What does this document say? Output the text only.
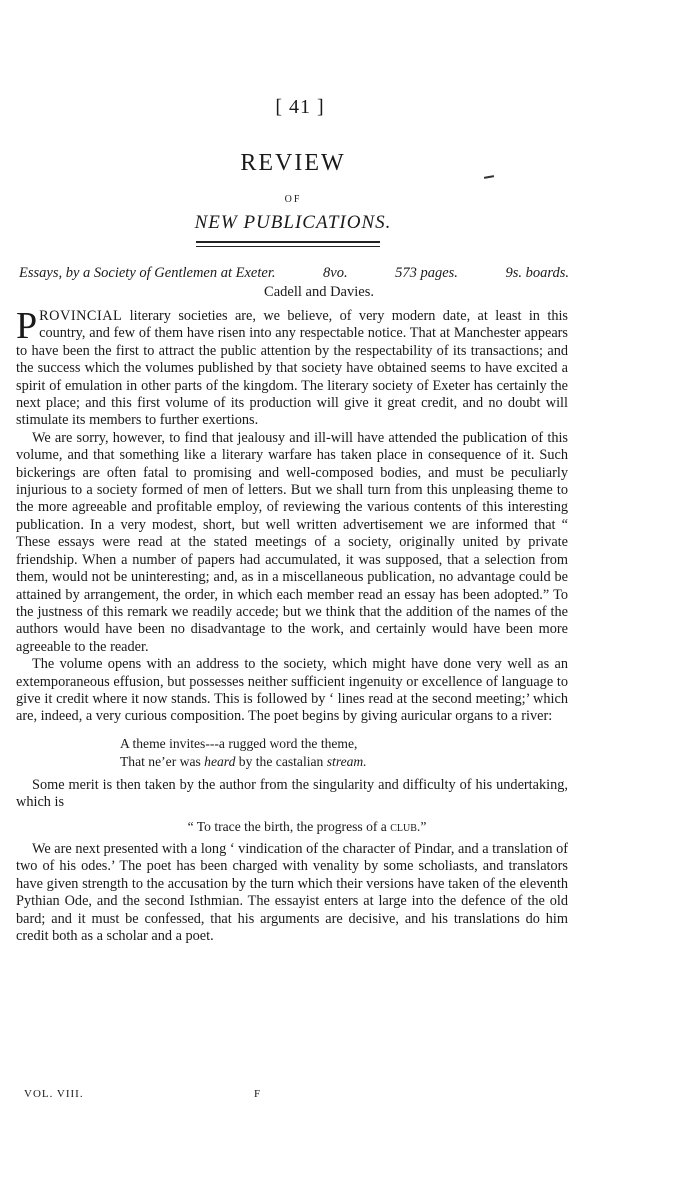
[ 41 ]
REVIEW
OF
NEW PUBLICATIONS.
Essays, by a Society of Gentlemen at Exeter.	8vo.	573 pages.	9s. boards.
Cadell and Davies.

PROVINCIAL literary societies are, we believe, of very modern date, at least in this country, and few of them have risen into any respectable notice. That at Manchester appears to have been the first to attract the public attention by the respectability of its transactions; and the success which the volumes published by that society have obtained seems to have excited a spirit of emulation in other parts of the kingdom. The literary society of Exeter has certainly the next place; and this first volume of its production will give it great credit, and no doubt will stimulate its members to further exertions.

We are sorry, however, to find that jealousy and ill-will have attended the publication of this volume, and that something like a literary warfare has taken place in consequence of it. Such bickerings are often fatal to promising and well-composed bodies, and must be peculiarly injurious to a society formed of men of letters. But we shall turn from this unpleasing theme to the more agreeable and profitable employ, of reviewing the various contents of this interesting publication. In a very modest, short, but well written advertisement we are informed that “ These essays were read at the stated meetings of a society, originally united by private friendship. When a number of papers had accumulated, it was supposed, that a selection from them, would not be uninteresting; and, as in a miscellaneous publication, no advantage could be attained by arrangement, the order, in which each member read an essay has been adopted.” To the justness of this remark we readily accede; but we think that the addition of the names of the authors would have been no disadvantage to the work, and certainly would have been more agreeable to the reader.

The volume opens with an address to the society, which might have done very well as an extemporaneous effusion, but possesses neither sufficient ingenuity or excellence of language to give it credit where it now stands. This is followed by ‘ lines read at the second meeting;’ which are, indeed, a very curious composition. The poet begins by giving auricular organs to a river:

A theme invites---a rugged word the theme,
That ne’er was heard by the castalian stream.

Some merit is then taken by the author from the singularity and difficulty of his undertaking, which is

“ To trace the birth, the progress of a club.”

We are next presented with a long ‘ vindication of the character of Pindar, and a translation of two of his odes.’ The poet has been charged with venality by some scholiasts, and translators have given strength to the accusation by the turn which their versions have taken of the eleventh Pythian Ode, and the second Isthmian. The essayist enters at large into the defence of the old bard; and it must be confessed, that his arguments are decisive, and his translations do him credit both as a scholar and a poet.

VOL. VIII.	F
